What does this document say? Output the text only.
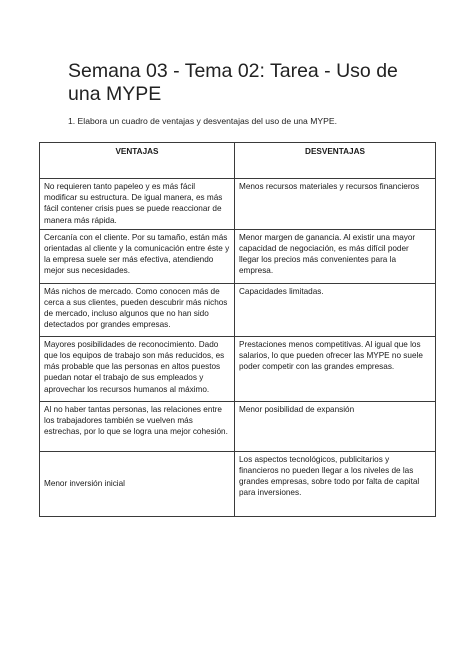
Semana 03 - Tema 02: Tarea - Uso de una MYPE
1. Elabora un cuadro de ventajas y desventajas del uso de una MYPE.
VENTAJAS	DESVENTAJAS
No requieren tanto papeleo y es más fácil modificar su estructura. De igual manera, es más fácil contener crisis pues se puede reaccionar de manera más rápida.	Menos recursos materiales y recursos financieros
Cercanía con el cliente. Por su tamaño, están más orientadas al cliente y la comunicación entre éste y la empresa suele ser más efectiva, atendiendo mejor sus necesidades.	Menor margen de ganancia. Al existir una mayor capacidad de negociación, es más difícil poder llegar los precios más convenientes para la empresa.
Más nichos de mercado. Como conocen más de cerca a sus clientes, pueden descubrir más nichos de mercado, incluso algunos que no han sido detectados por grandes empresas.	Capacidades limitadas.
Mayores posibilidades de reconocimiento. Dado que los equipos de trabajo son más reducidos, es más probable que las personas en altos puestos puedan notar el trabajo de sus empleados y aprovechar los recursos humanos al máximo.	Prestaciones menos competitivas. Al igual que los salarios, lo que pueden ofrecer las MYPE no suele poder competir con las grandes empresas.
Al no haber tantas personas, las relaciones entre los trabajadores también se vuelven más estrechas, por lo que se logra una mejor cohesión.	Menor posibilidad de expansión
Menor inversión inicial	Los aspectos tecnológicos, publicitarios y financieros no pueden llegar a los niveles de las grandes empresas, sobre todo por falta de capital para inversiones.
